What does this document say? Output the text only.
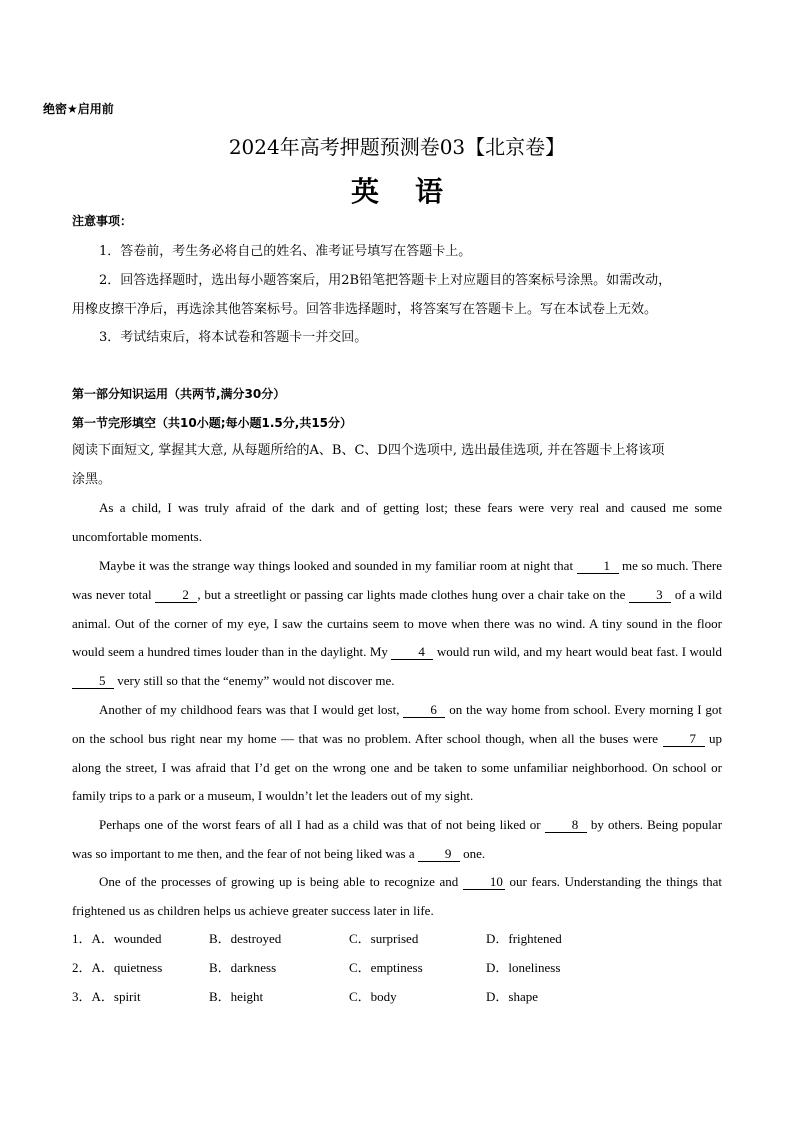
绝密★启用前
2024年高考押题预测卷03【北京卷】
英 语
注意事项：
1．答卷前，考生务必将自己的姓名、准考证号填写在答题卡上。
2．回答选择题时，选出每小题答案后，用2B铅笔把答题卡上对应题目的答案标号涂黑。如需改动，
用橡皮擦干净后，再选涂其他答案标号。回答非选择题时，将答案写在答题卡上。写在本试卷上无效。
3．考试结束后，将本试卷和答题卡一并交回。
第一部分知识运用（共两节,满分30分）
第一节完形填空（共10小题;每小题1.5分,共15分）
阅读下面短文, 掌握其大意, 从每题所给的A、B、C、D四个选项中, 选出最佳选项, 并在答题卡上将该项
涂黑。
As a child, I was truly afraid of the dark and of getting lost; these fears were very real and caused me some uncomfortable moments.
Maybe it was the strange way things looked and sounded in my familiar room at night that 1 me so much. There was never total 2 , but a streetlight or passing car lights made clothes hung over a chair take on the 3 of a wild animal. Out of the corner of my eye, I saw the curtains seem to move when there was no wind. A tiny sound in the floor would seem a hundred times louder than in the daylight. My 4 would run wild, and my heart would beat fast. I would 5 very still so that the “enemy” would not discover me.
Another of my childhood fears was that I would get lost, 6 on the way home from school. Every morning I got on the school bus right near my home — that was no problem. After school though, when all the buses were 7 up along the street, I was afraid that I’d get on the wrong one and be taken to some unfamiliar neighborhood. On school or family trips to a park or a museum, I wouldn’t let the leaders out of my sight.
Perhaps one of the worst fears of all I had as a child was that of not being liked or 8 by others. Being popular was so important to me then, and the fear of not being liked was a 9 one.
One of the processes of growing up is being able to recognize and 10 our fears. Understanding the things that frightened us as children helps us achieve greater success later in life.
1．A．wounded	B．destroyed	C．surprised	D．frightened
2．A．quietness	B．darkness	C．emptiness	D．loneliness
3．A．spirit	B．height	C．body	D．shape
